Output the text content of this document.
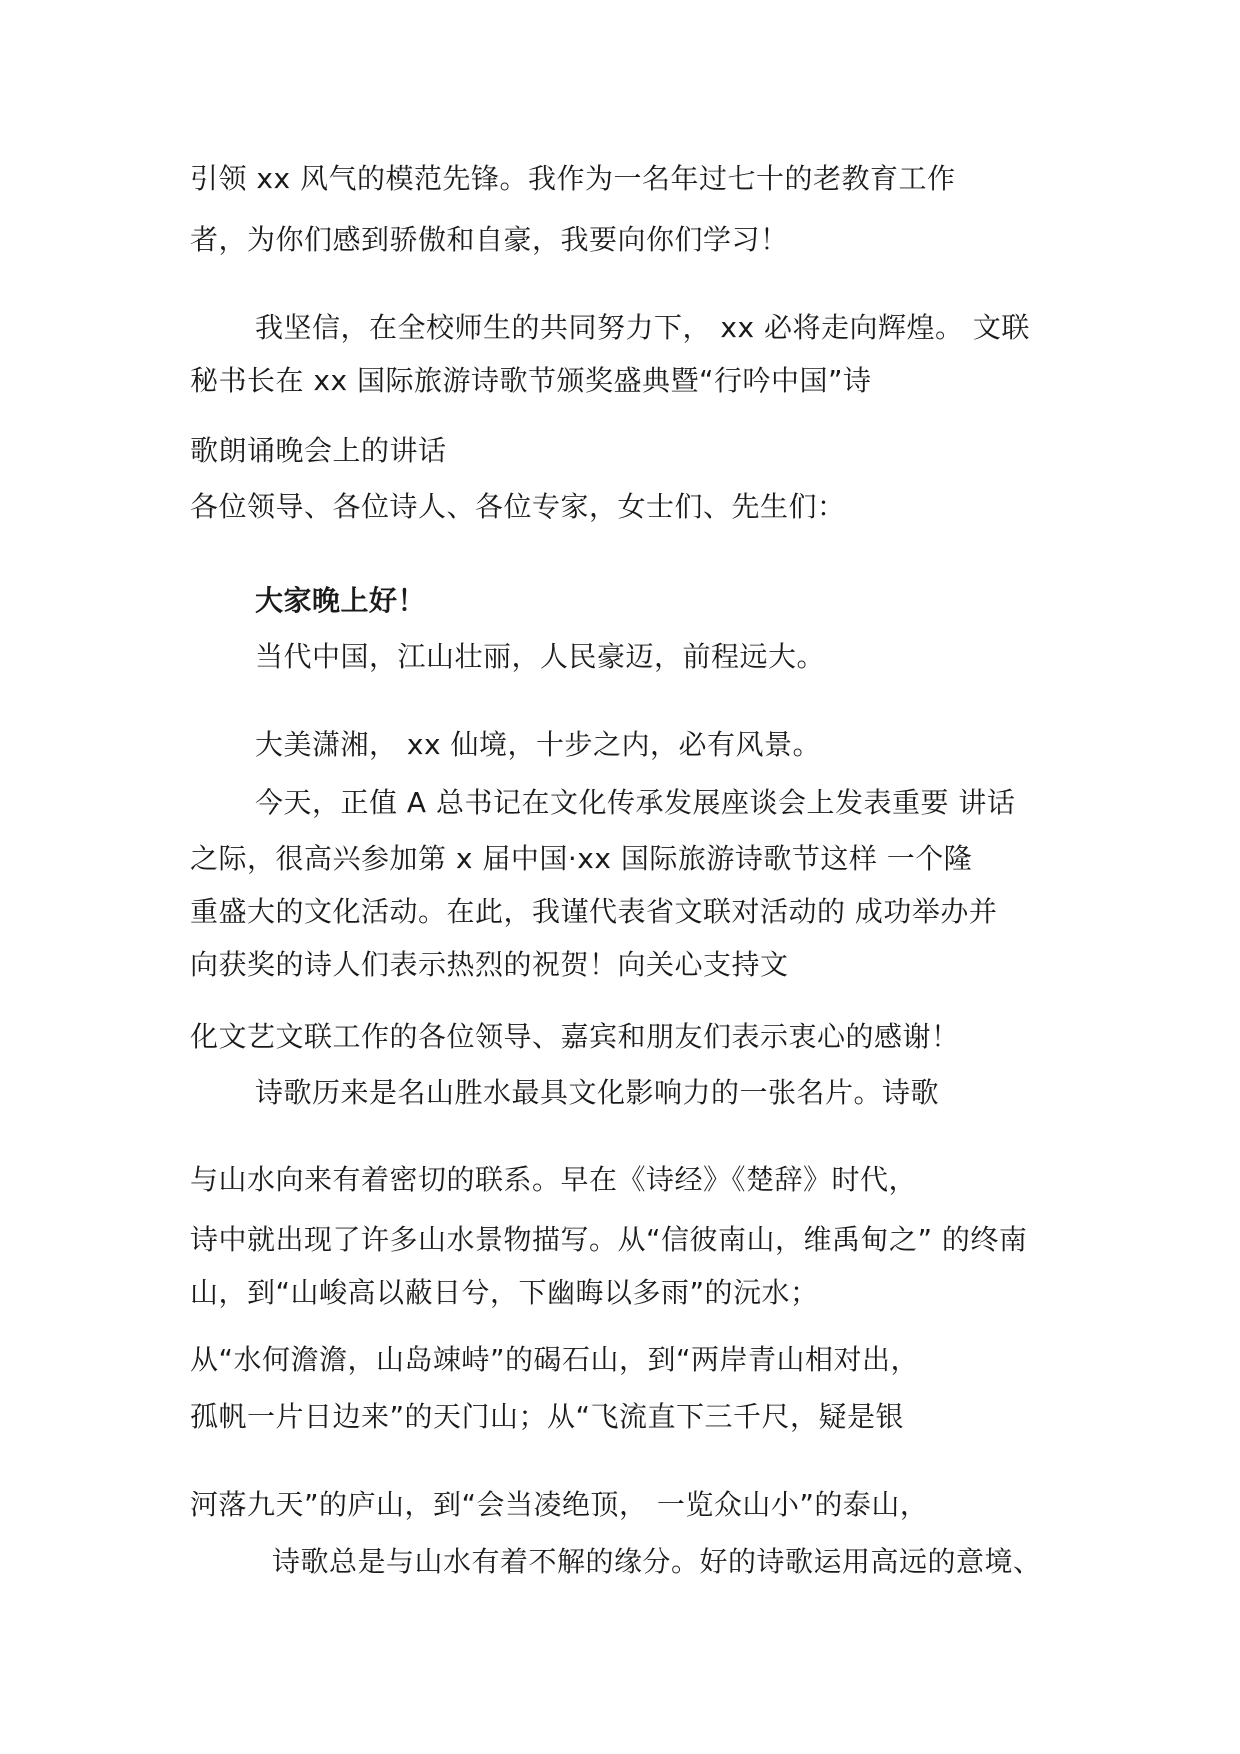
引领 xx 风气的模范先锋。我作为一名年过七十的老教育工作
者，为你们感到骄傲和自豪，我要向你们学习！
我坚信，在全校师生的共同努力下， xx 必将走向辉煌。 文联
秘书长在 xx 国际旅游诗歌节颁奖盛典暨“行吟中国”诗
歌朗诵晚会上的讲话
各位领导、各位诗人、各位专家，女士们、先生们：
大家晚上好！
当代中国，江山壮丽，人民豪迈，前程远大。
大美潇湘， xx 仙境，十步之内，必有风景。
今天，正值 A 总书记在文化传承发展座谈会上发表重要 讲话
之际，很高兴参加第 x 届中国·xx 国际旅游诗歌节这样 一个隆
重盛大的文化活动。在此，我谨代表省文联对活动的 成功举办并
向获奖的诗人们表示热烈的祝贺！向关心支持文
化文艺文联工作的各位领导、嘉宾和朋友们表示衷心的感谢！
诗歌历来是名山胜水最具文化影响力的一张名片。诗歌
与山水向来有着密切的联系。早在《诗经》《楚辞》时代，
诗中就出现了许多山水景物描写。从“信彼南山，维禹甸之” 的终南
山，到“山峻高以蔽日兮，下幽晦以多雨”的沅水；
从“水何澹澹，山岛竦峙”的碣石山，到“两岸青山相对出，
孤帆一片日边来”的天门山；从“飞流直下三千尺，疑是银
河落九天”的庐山，到“会当凌绝顶， 一览众山小”的泰山，
诗歌总是与山水有着不解的缘分。好的诗歌运用高远的意境、
